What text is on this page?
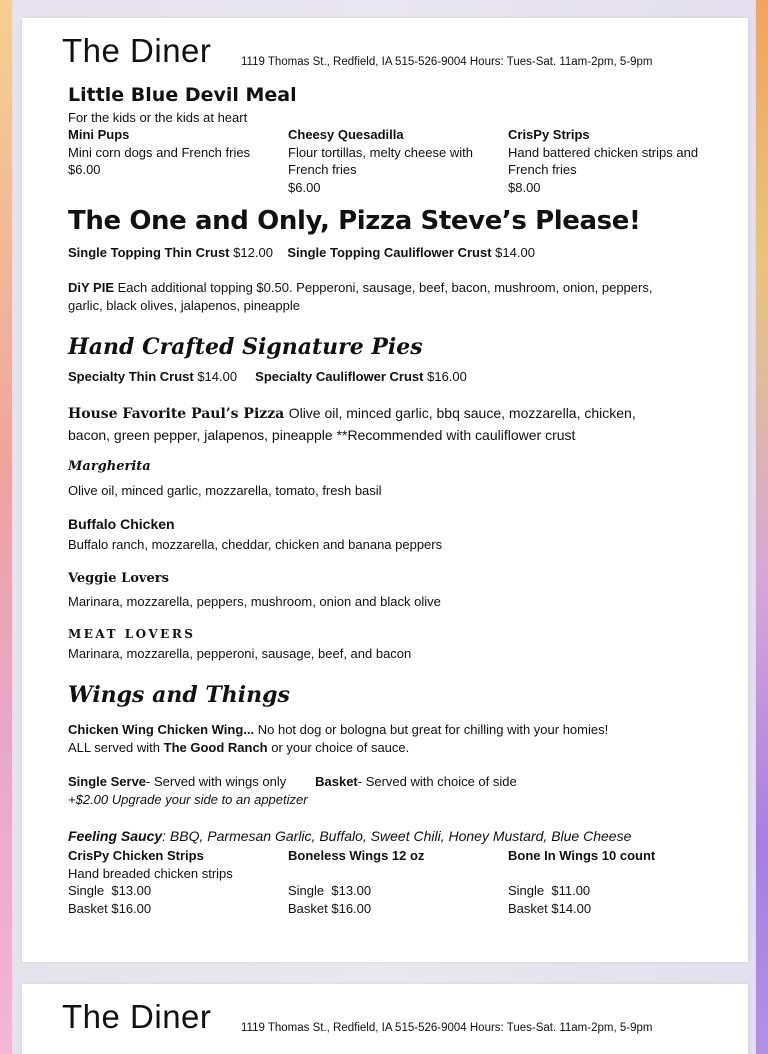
The Diner	1119 Thomas St., Redfield, IA 515-526-9004 Hours: Tues-Sat. 11am-2pm, 5-9pm
Little Blue Devil Meal
For the kids or the kids at heart
Mini Pups
Mini corn dogs and French fries
$6.00
Cheesy Quesadilla
Flour tortillas, melty cheese with
French fries
$6.00
CrisPy Strips
Hand battered chicken strips and
French fries
$8.00
The One and Only, Pizza Steve’s Please!
Single Topping Thin Crust $12.00 Single Topping Cauliflower Crust $14.00
DiY PIE Each additional topping $0.50. Pepperoni, sausage, beef, bacon, mushroom, onion, peppers,
garlic, black olives, jalapenos, pineapple
Hand Crafted Signature Pies
Specialty Thin Crust $14.00 Specialty Cauliflower Crust $16.00
House Favorite Paul’s Pizza Olive oil, minced garlic, bbq sauce, mozzarella, chicken,
bacon, green pepper, jalapenos, pineapple **Recommended with cauliflower crust
Margherita
Olive oil, minced garlic, mozzarella, tomato, fresh basil
Buffalo Chicken
Buffalo ranch, mozzarella, cheddar, chicken and banana peppers
Veggie Lovers
Marinara, mozzarella, peppers, mushroom, onion and black olive
MEAT LOVERS
Marinara, mozzarella, pepperoni, sausage, beef, and bacon
Wings and Things
Chicken Wing Chicken Wing... No hot dog or bologna but great for chilling with your homies!
ALL served with The Good Ranch or your choice of sauce.
Single Serve- Served with wings only Basket- Served with choice of side
+$2.00 Upgrade your side to an appetizer
Feeling Saucy: BBQ, Parmesan Garlic, Buffalo, Sweet Chili, Honey Mustard, Blue Cheese
CrisPy Chicken Strips
Hand breaded chicken strips
Single  $13.00
Basket $16.00
Boneless Wings 12 oz
Single  $13.00
Basket $16.00
Bone In Wings 10 count
Single  $11.00
Basket $14.00
The Diner	1119 Thomas St., Redfield, IA 515-526-9004 Hours: Tues-Sat. 11am-2pm, 5-9pm
